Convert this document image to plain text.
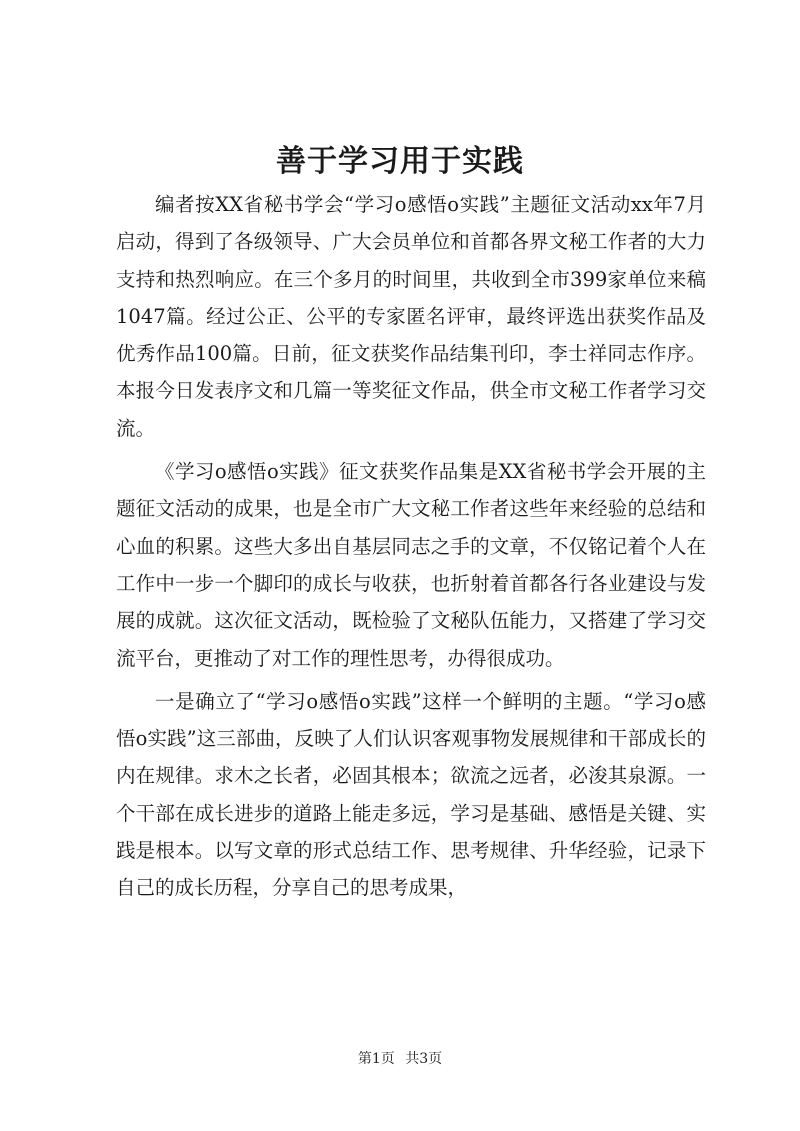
善于学习用于实践

编者按XX省秘书学会“学习o感悟o实践”主题征文活动xx年7月启动，得到了各级领导、广大会员单位和首都各界文秘工作者的大力支持和热烈响应。在三个多月的时间里，共收到全市399家单位来稿1047篇。经过公正、公平的专家匿名评审，最终评选出获奖作品及优秀作品100篇。日前，征文获奖作品结集刊印，李士祥同志作序。本报今日发表序文和几篇一等奖征文作品，供全市文秘工作者学习交流。

《学习o感悟o实践》征文获奖作品集是XX省秘书学会开展的主题征文活动的成果，也是全市广大文秘工作者这些年来经验的总结和心血的积累。这些大多出自基层同志之手的文章，不仅铭记着个人在工作中一步一个脚印的成长与收获，也折射着首都各行各业建设与发展的成就。这次征文活动，既检验了文秘队伍能力，又搭建了学习交流平台，更推动了对工作的理性思考，办得很成功。

一是确立了“学习o感悟o实践”这样一个鲜明的主题。“学习o感悟o实践”这三部曲，反映了人们认识客观事物发展规律和干部成长的内在规律。求木之长者，必固其根本；欲流之远者，必浚其泉源。一个干部在成长进步的道路上能走多远，学习是基础、感悟是关键、实践是根本。以写文章的形式总结工作、思考规律、升华经验，记录下自己的成长历程，分享自己的思考成果，

第1页 共3页
